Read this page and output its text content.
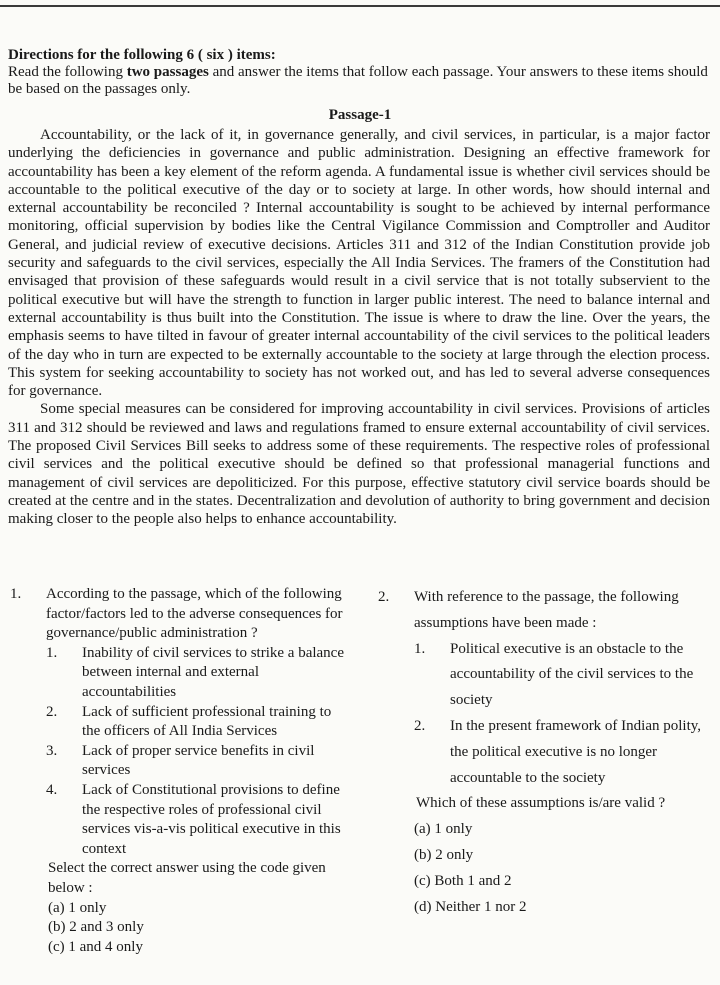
Directions for the following 6 ( six ) items:
Read the following two passages and answer the items that follow each passage. Your answers to these items should be based on the passages only.
Passage-1

Accountability, or the lack of it, in governance generally, and civil services, in particular, is a major factor underlying the deficiencies in governance and public administration. Designing an effective framework for accountability has been a key element of the reform agenda. A fundamental issue is whether civil services should be accountable to the political executive of the day or to society at large. In other words, how should internal and external accountability be reconciled ? Internal accountability is sought to be achieved by internal performance monitoring, official supervision by bodies like the Central Vigilance Commission and Comptroller and Auditor General, and judicial review of executive decisions. Articles 311 and 312 of the Indian Constitution provide job security and safeguards to the civil services, especially the All India Services. The framers of the Constitution had envisaged that provision of these safeguards would result in a civil service that is not totally subservient to the political executive but will have the strength to function in larger public interest. The need to balance internal and external accountability is thus built into the Constitution. The issue is where to draw the line. Over the years, the emphasis seems to have tilted in favour of greater internal accountability of the civil services to the political leaders of the day who in turn are expected to be externally accountable to the society at large through the election process. This system for seeking accountability to society has not worked out, and has led to several adverse consequences for governance.

Some special measures can be considered for improving accountability in civil services. Provisions of articles 311 and 312 should be reviewed and laws and regulations framed to ensure external accountability of civil services. The proposed Civil Services Bill seeks to address some of these requirements. The respective roles of professional civil services and the political executive should be defined so that professional managerial functions and management of civil services are depoliticized. For this purpose, effective statutory civil service boards should be created at the centre and in the states. Decentralization and devolution of authority to bring government and decision making closer to the people also helps to enhance accountability.

1.	According to the passage, which of the following factor/factors led to the adverse consequences for governance/public administration ?
1.	Inability of civil services to strike a balance between internal and external accountabilities
2.	Lack of sufficient professional training to the officers of All India Services
3.	Lack of proper service benefits in civil services
4.	Lack of Constitutional provisions to define the respective roles of professional civil services vis-a-vis political executive in this context
Select the correct answer using the code given below :
(a) 1 only
(b) 2 and 3 only
(c) 1 and 4 only
2.	With reference to the passage, the following assumptions have been made :
1.	Political executive is an obstacle to the accountability of the civil services to the society
2.	In the present framework of Indian polity, the political executive is no longer accountable to the society
Which of these assumptions is/are valid ?
(a) 1 only
(b) 2 only
(c) Both 1 and 2
(d) Neither 1 nor 2
